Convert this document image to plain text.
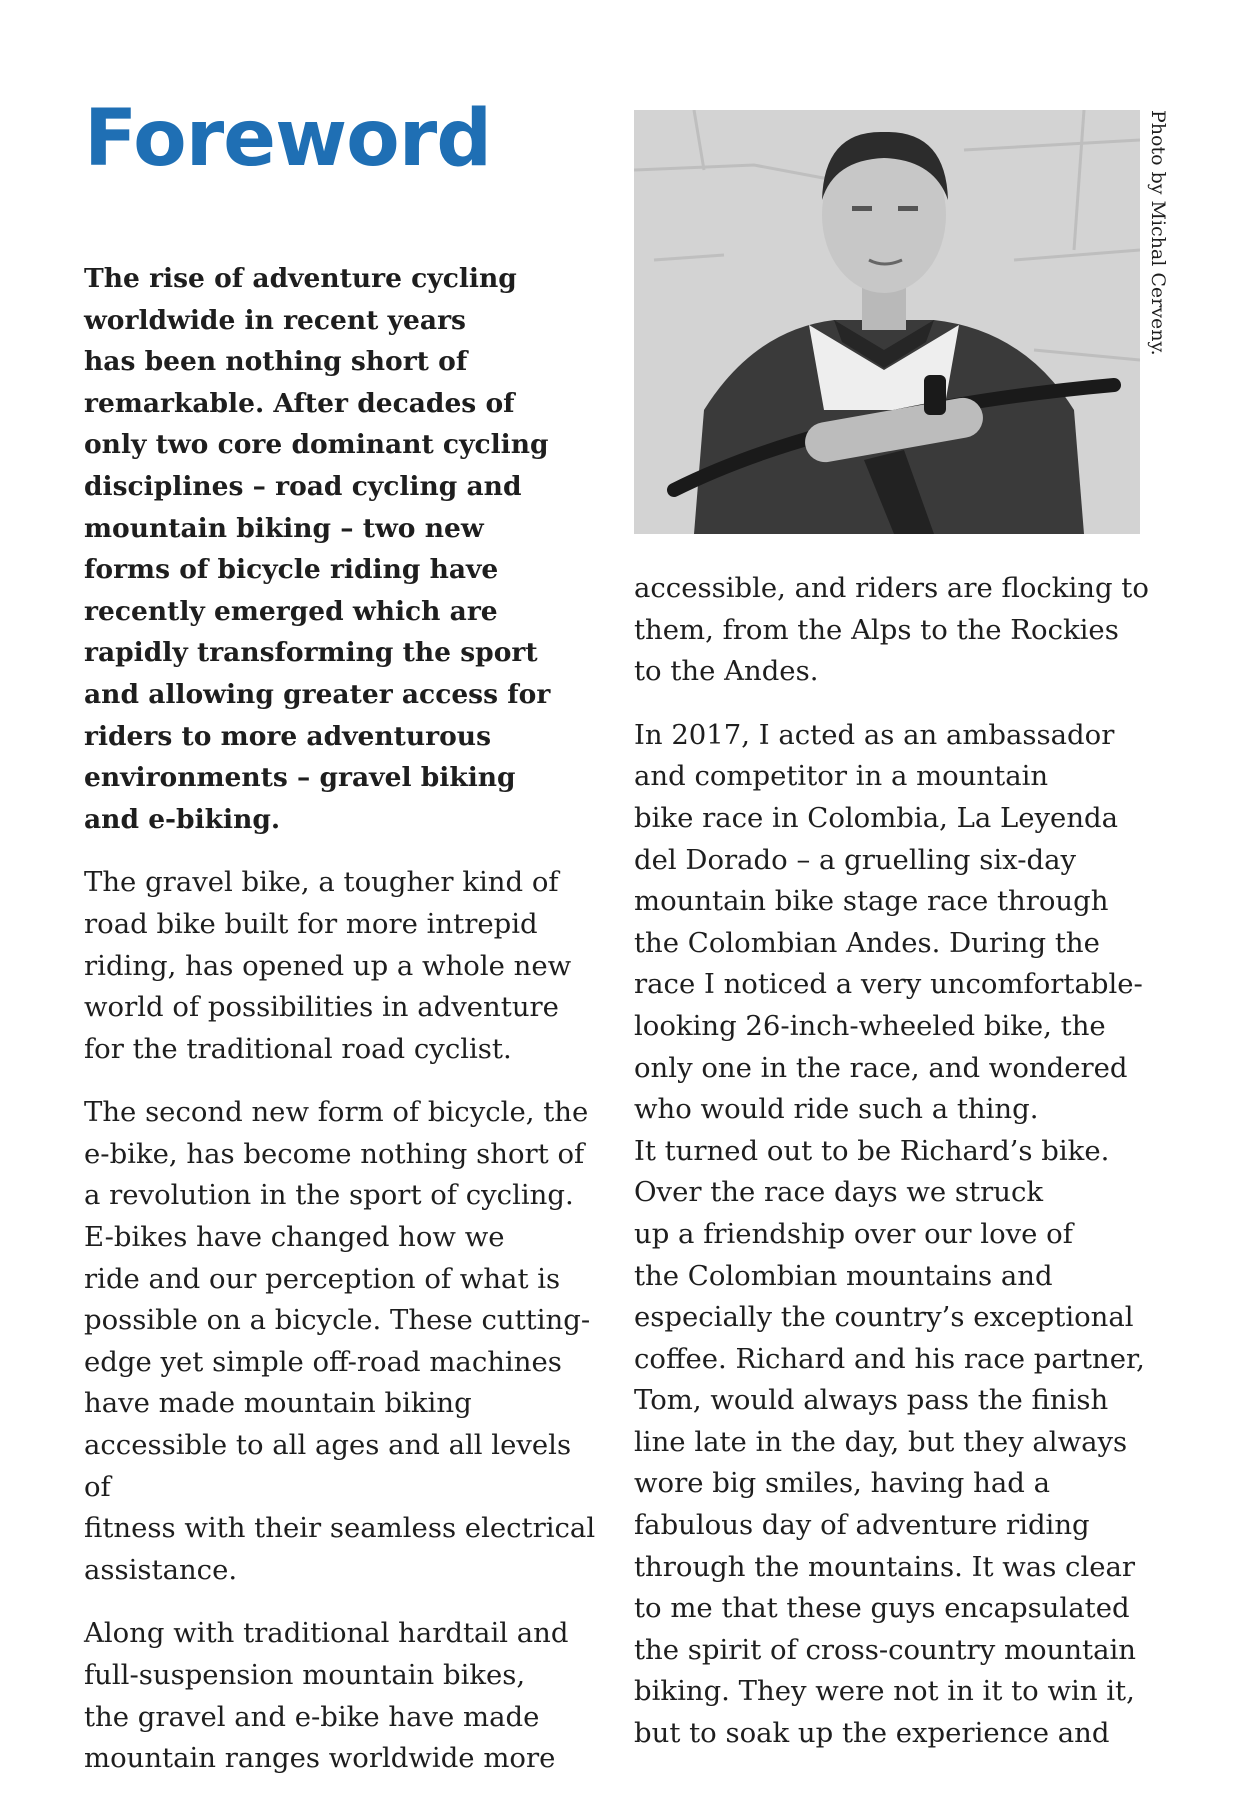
Foreword

The rise of adventure cycling
worldwide in recent years
has been nothing short of
remarkable. After decades of
only two core dominant cycling
disciplines – road cycling and
mountain biking – two new
forms of bicycle riding have
recently emerged which are
rapidly transforming the sport
and allowing greater access for
riders to more adventurous
environments – gravel biking
and e-biking.

The gravel bike, a tougher kind of
road bike built for more intrepid
riding, has opened up a whole new
world of possibilities in adventure
for the traditional road cyclist.

The second new form of bicycle, the
e-bike, has become nothing short of
a revolution in the sport of cycling.
E-bikes have changed how we
ride and our perception of what is
possible on a bicycle. These cutting-
edge yet simple off-road machines
have made mountain biking
accessible to all ages and all levels of
fitness with their seamless electrical
assistance.

Along with traditional hardtail and
full-suspension mountain bikes,
the gravel and e-bike have made
mountain ranges worldwide more

Photo by Michal Cerveny.

accessible, and riders are flocking to
them, from the Alps to the Rockies
to the Andes.

In 2017, I acted as an ambassador
and competitor in a mountain
bike race in Colombia, La Leyenda
del Dorado – a gruelling six-day
mountain bike stage race through
the Colombian Andes. During the
race I noticed a very uncomfortable-
looking 26-inch-wheeled bike, the
only one in the race, and wondered
who would ride such a thing.

It turned out to be Richard’s bike.
Over the race days we struck
up a friendship over our love of
the Colombian mountains and
especially the country’s exceptional
coffee. Richard and his race partner,
Tom, would always pass the finish
line late in the day, but they always
wore big smiles, having had a
fabulous day of adventure riding
through the mountains. It was clear
to me that these guys encapsulated
the spirit of cross-country mountain
biking. They were not in it to win it,
but to soak up the experience and
